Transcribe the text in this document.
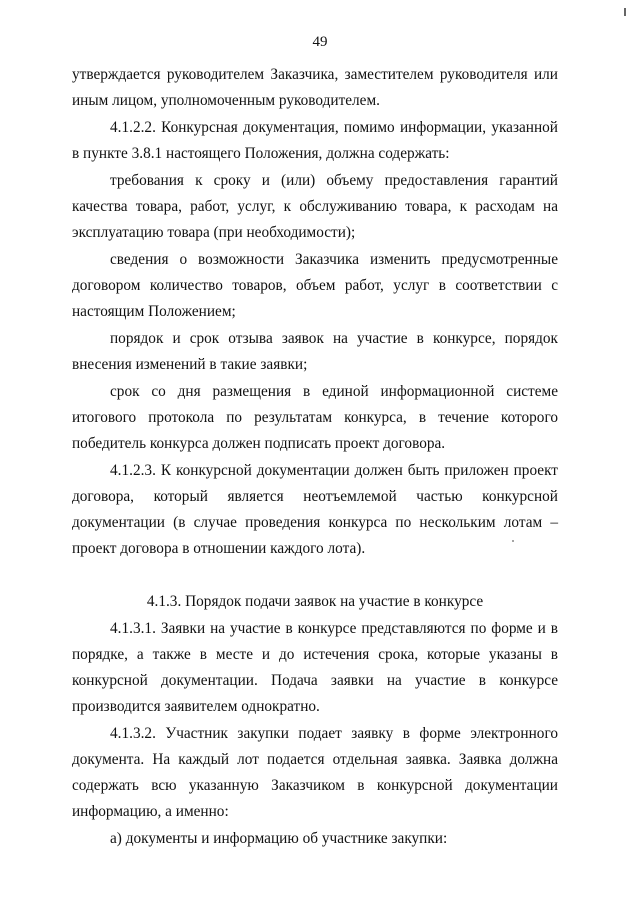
49

утверждается руководителем Заказчика, заместителем руководителя или иным лицом, уполномоченным руководителем.

4.1.2.2. Конкурсная документация, помимо информации, указанной в пункте 3.8.1 настоящего Положения, должна содержать:

требования к сроку и (или) объему предоставления гарантий качества товара, работ, услуг, к обслуживанию товара, к расходам на эксплуатацию товара (при необходимости);

сведения о возможности Заказчика изменить предусмотренные договором количество товаров, объем работ, услуг в соответствии с настоящим Положением;

порядок и срок отзыва заявок на участие в конкурсе, порядок внесения изменений в такие заявки;

срок со дня размещения в единой информационной системе итогового протокола по результатам конкурса, в течение которого победитель конкурса должен подписать проект договора.

4.1.2.3. К конкурсной документации должен быть приложен проект договора, который является неотъемлемой частью конкурсной документации (в случае проведения конкурса по нескольким лотам – проект договора в отношении каждого лота).

4.1.3. Порядок подачи заявок на участие в конкурсе

4.1.3.1. Заявки на участие в конкурсе представляются по форме и в порядке, а также в месте и до истечения срока, которые указаны в конкурсной документации. Подача заявки на участие в конкурсе производится заявителем однократно.

4.1.3.2. Участник закупки подает заявку в форме электронного документа. На каждый лот подается отдельная заявка. Заявка должна содержать всю указанную Заказчиком в конкурсной документации информацию, а именно:

а) документы и информацию об участнике закупки:
